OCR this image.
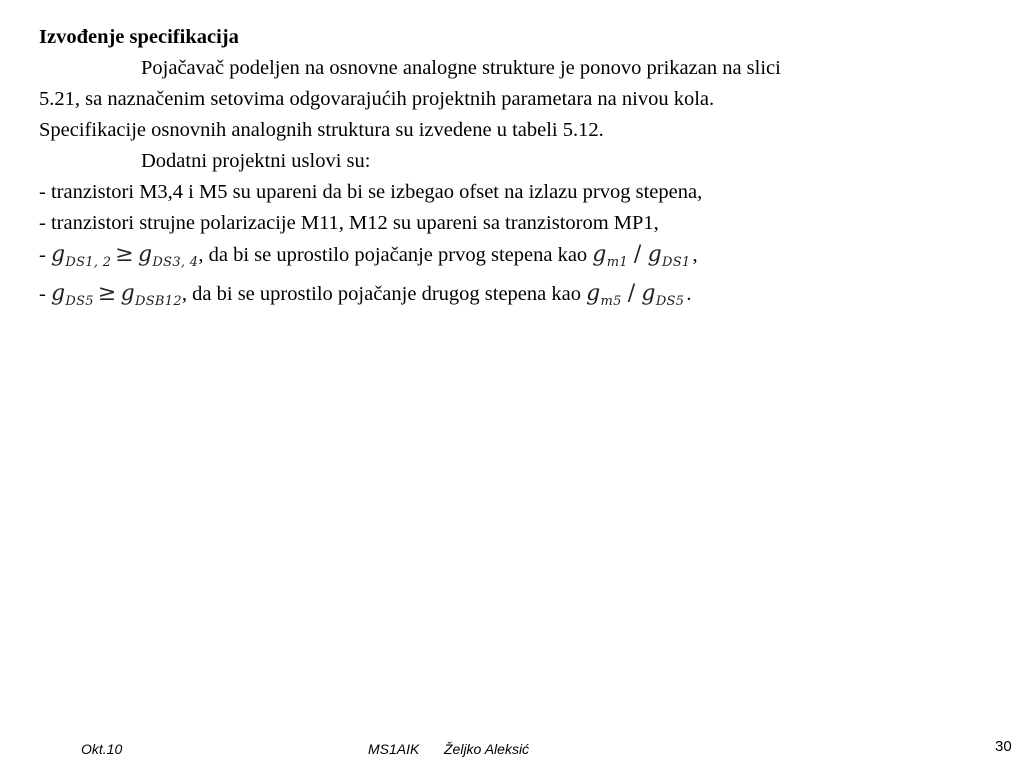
Izvođenje specifikacija
Pojačavač podeljen na osnovne analogne strukture je ponovo prikazan na slici
5.21, sa naznačenim setovima odgovarajućih projektnih parametara na nivou kola.
Specifikacije osnovnih analognih struktura su izvedene u tabeli 5.12.
Dodatni projektni uslovi su:
- tranzistori M3,4 i M5 su upareni da bi se izbegao ofset na izlazu prvog stepena,
- tranzistori strujne polarizacije M11, M12 su upareni sa tranzistorom MP1,
- $g_{DS1, 2} \ge g_{DS3, 4}$, da bi se uprostilo pojačanje prvog stepena kao $g_{m1} / g_{DS1}$,
- $g_{DS5} \ge g_{DSB12}$, da bi se uprostilo pojačanje drugog stepena kao $g_{m5} / g_{DS5}$.
Okt.10	MS1AIK Željko Aleksić	30
